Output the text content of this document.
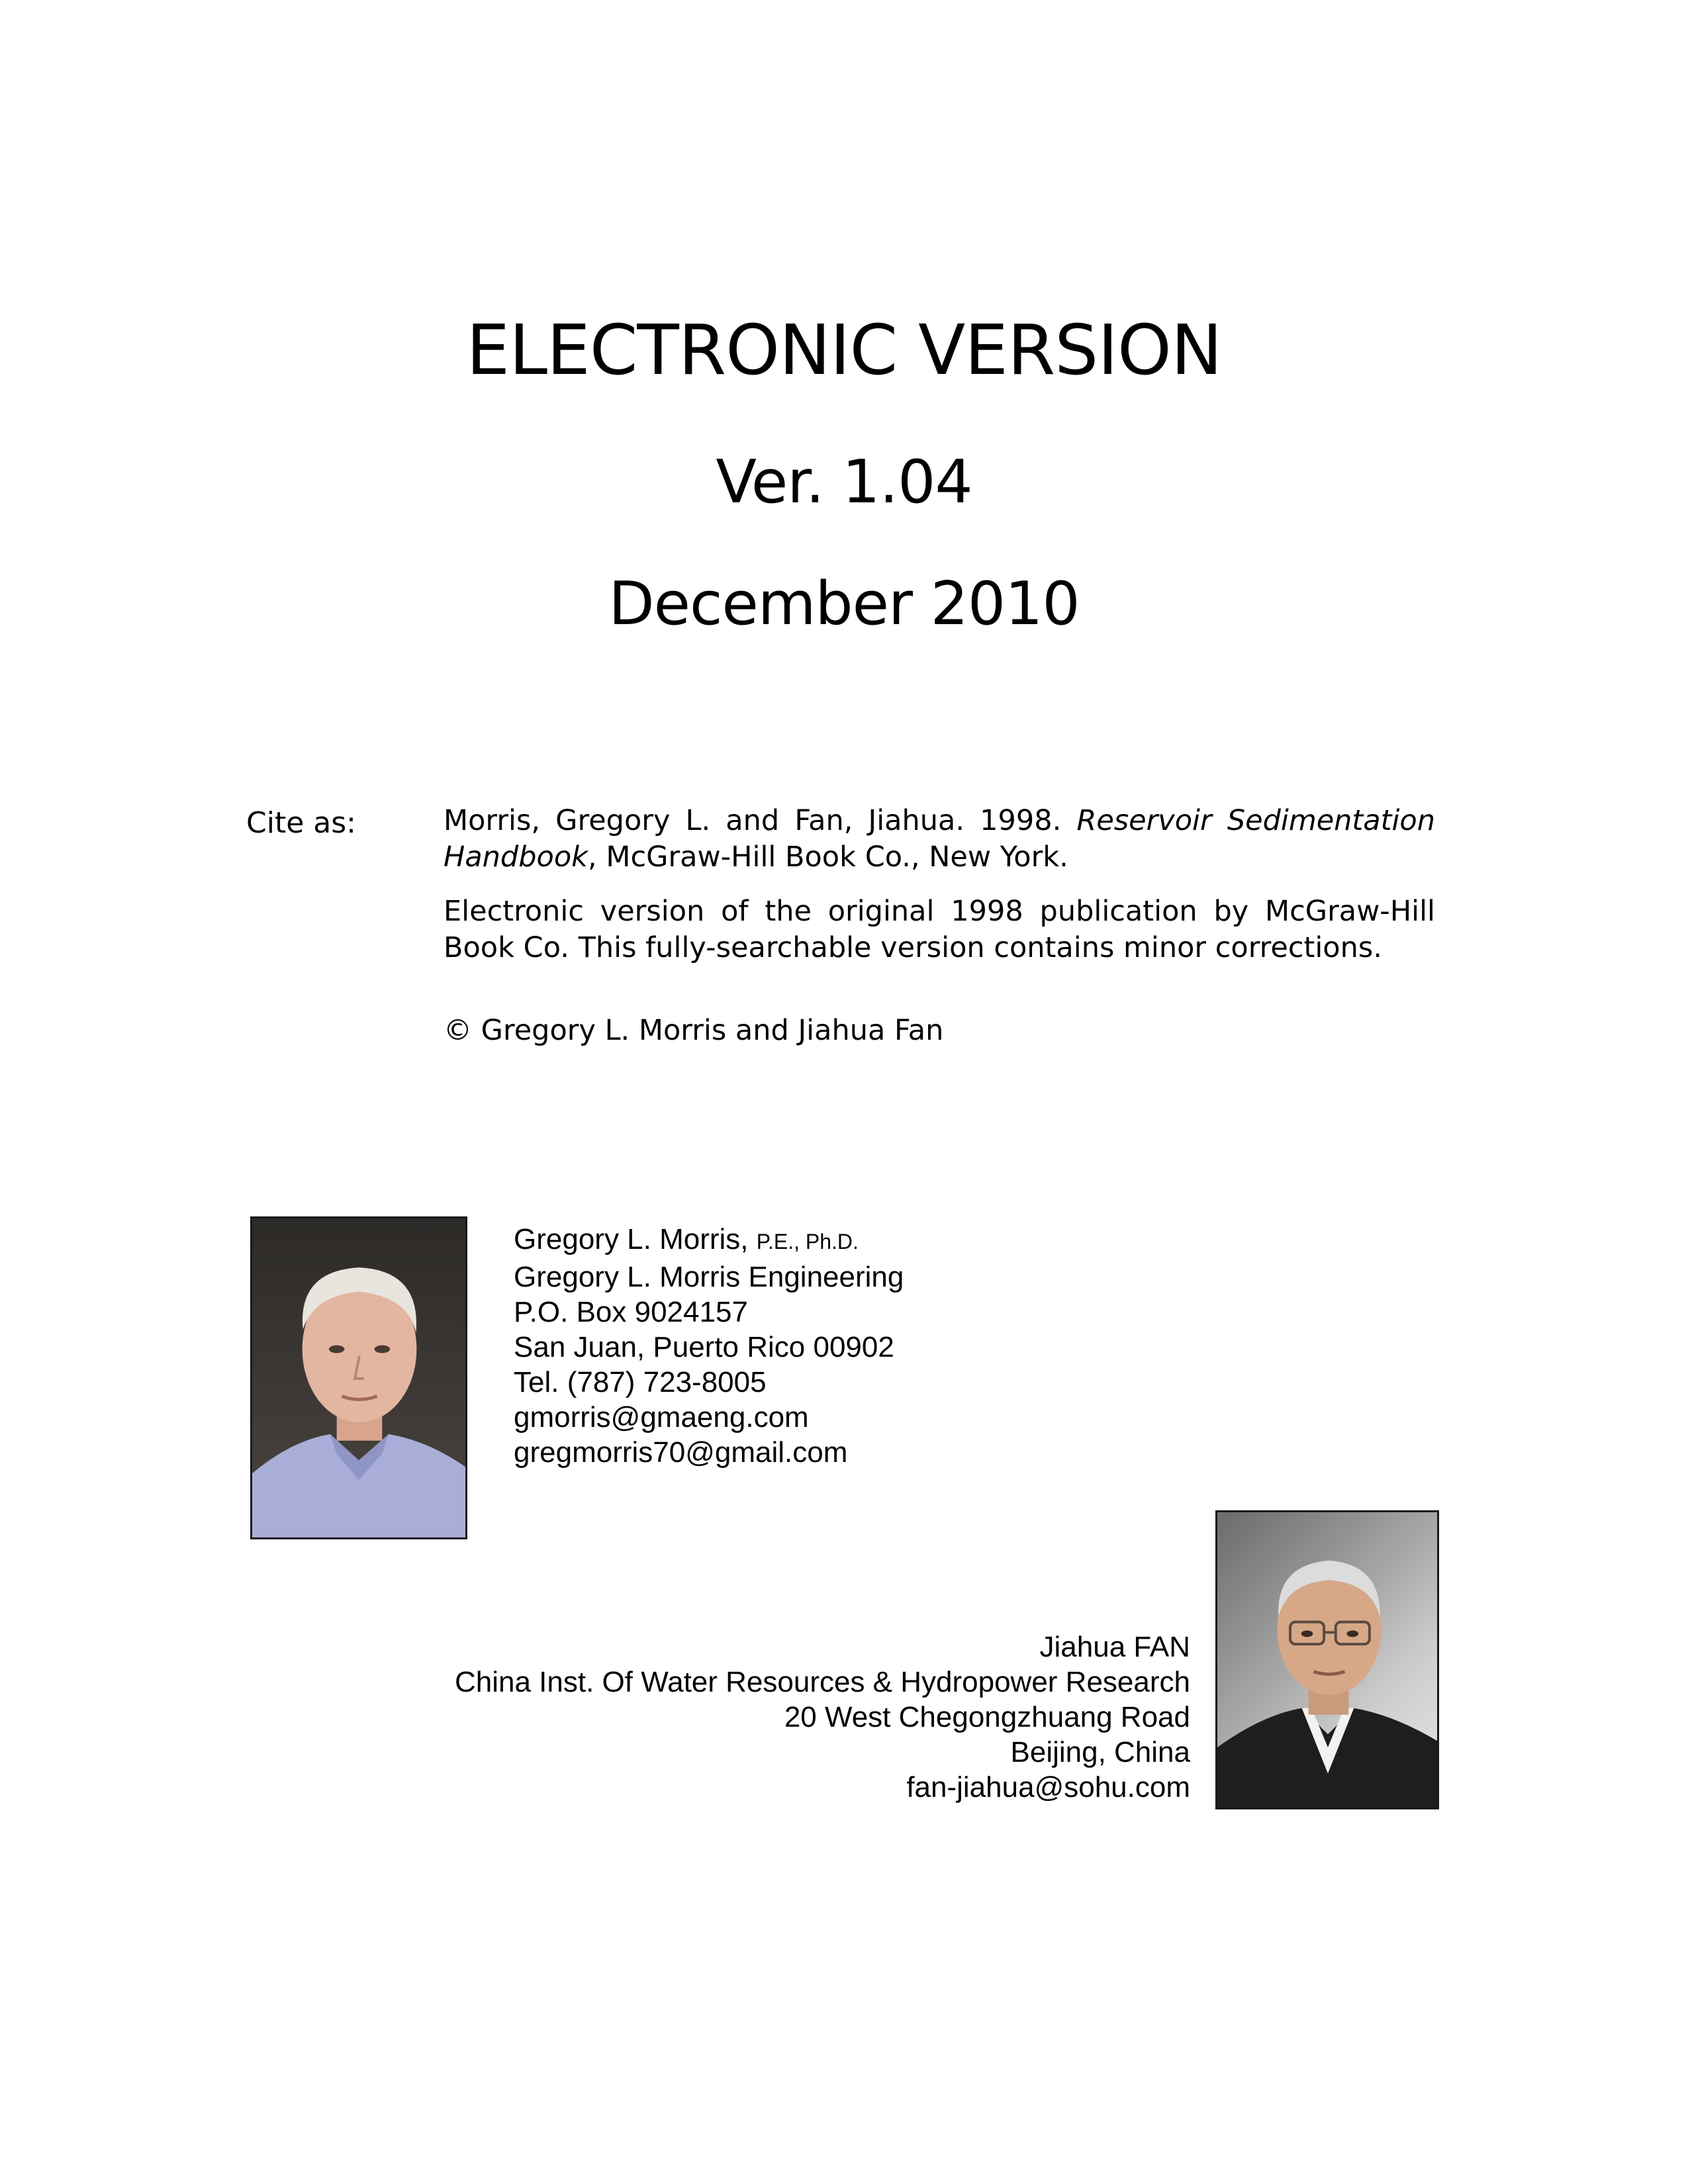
ELECTRONIC VERSION
Ver. 1.04
December 2010
Cite as:	Morris, Gregory L. and Fan, Jiahua. 1998. Reservoir Sedimentation Handbook, McGraw-Hill Book Co., New York.

Electronic version of the original 1998 publication by McGraw-Hill Book Co. This fully-searchable version contains minor corrections.

© Gregory L. Morris and Jiahua Fan

Gregory L. Morris, P.E., Ph.D.
Gregory L. Morris Engineering
P.O. Box 9024157
San Juan, Puerto Rico 00902
Tel. (787) 723-8005
gmorris@gmaeng.com
gregmorris70@gmail.com
Jiahua FAN
China Inst. Of Water Resources & Hydropower Research
20 West Chegongzhuang Road
Beijing, China
fan-jiahua@sohu.com
